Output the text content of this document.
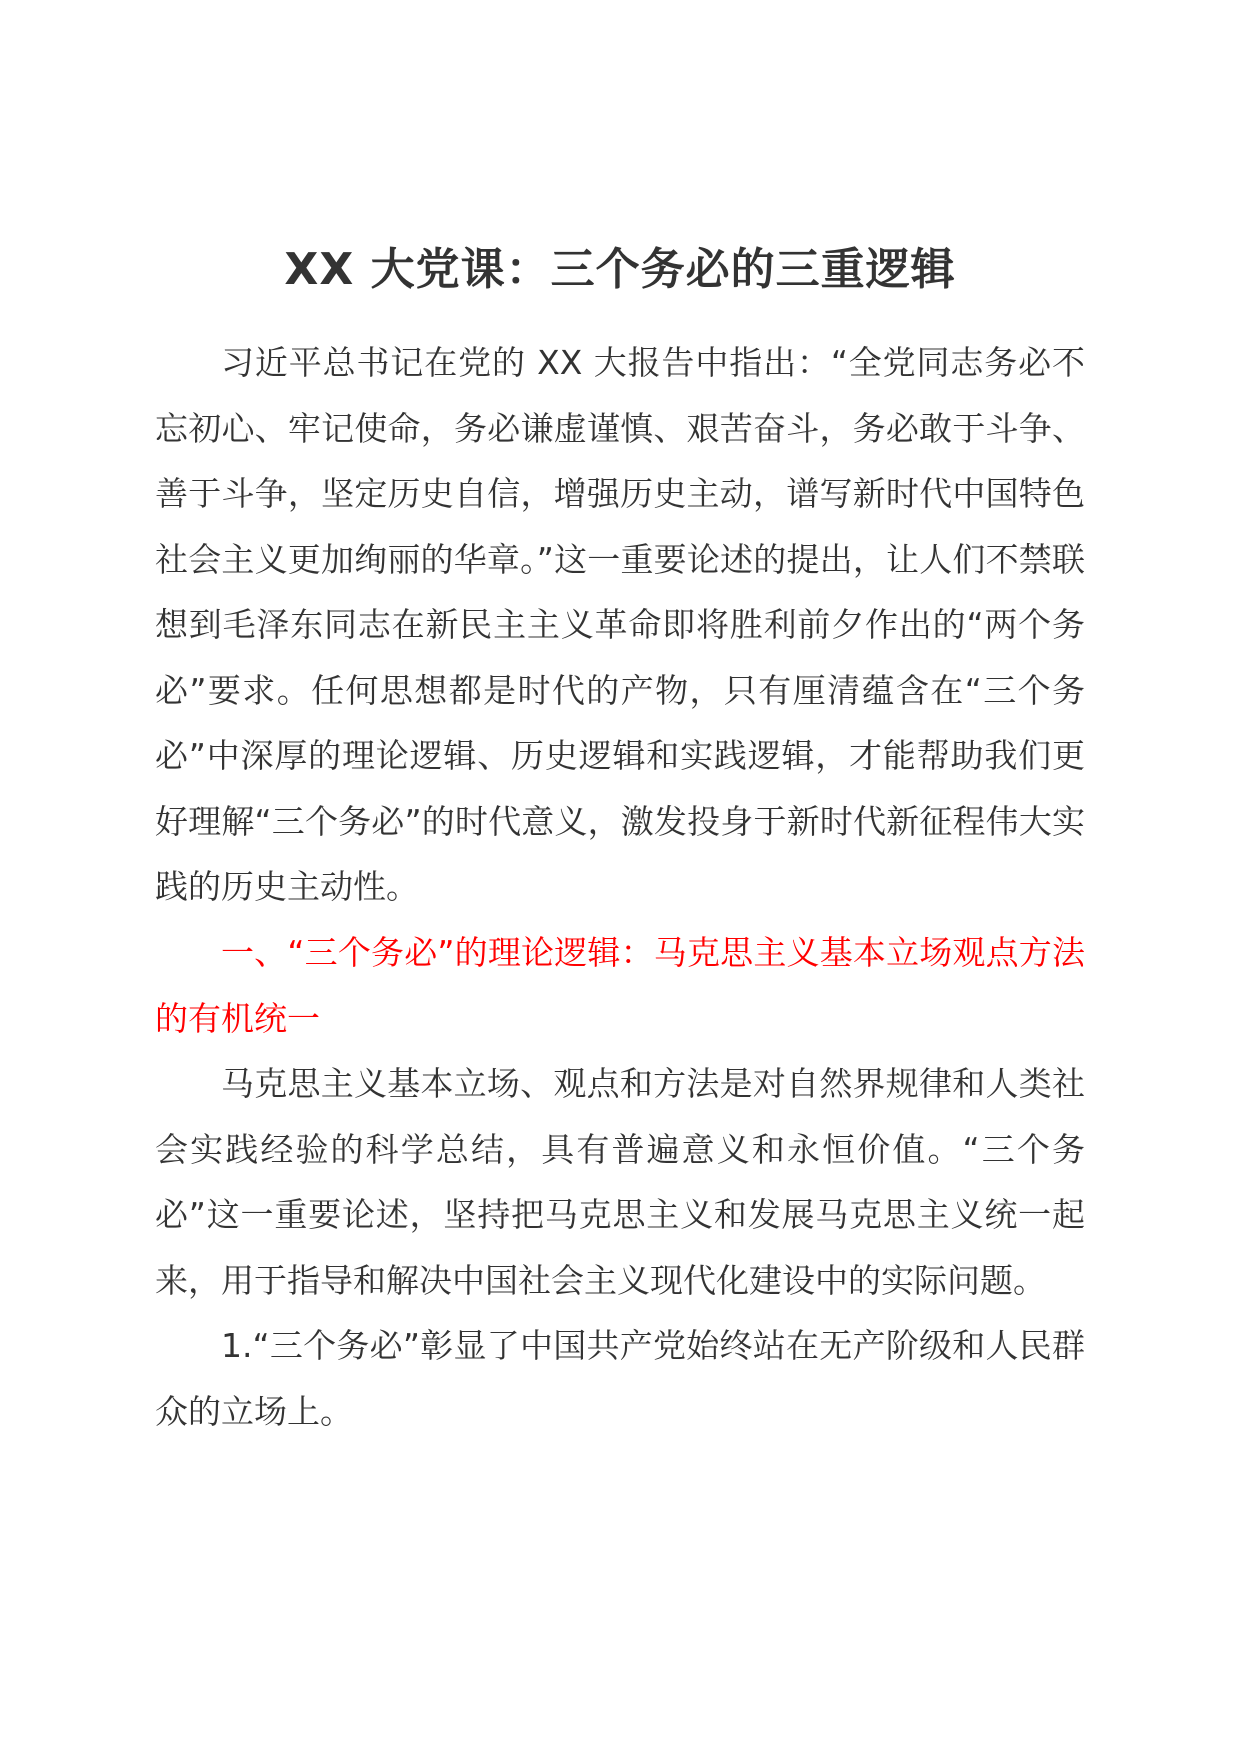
XX 大党课：三个务必的三重逻辑

习近平总书记在党的 XX 大报告中指出：“全党同志务必不忘初心、牢记使命，务必谦虚谨慎、艰苦奋斗，务必敢于斗争、善于斗争，坚定历史自信，增强历史主动，谱写新时代中国特色社会主义更加绚丽的华章。”这一重要论述的提出，让人们不禁联想到毛泽东同志在新民主主义革命即将胜利前夕作出的“两个务必”要求。任何思想都是时代的产物，只有厘清蕴含在“三个务必”中深厚的理论逻辑、历史逻辑和实践逻辑，才能帮助我们更好理解“三个务必”的时代意义，激发投身于新时代新征程伟大实践的历史主动性。

一、“三个务必”的理论逻辑：马克思主义基本立场观点方法的有机统一

马克思主义基本立场、观点和方法是对自然界规律和人类社会实践经验的科学总结，具有普遍意义和永恒价值。“三个务必”这一重要论述，坚持把马克思主义和发展马克思主义统一起来，用于指导和解决中国社会主义现代化建设中的实际问题。

1.“三个务必”彰显了中国共产党始终站在无产阶级和人民群众的立场上。
